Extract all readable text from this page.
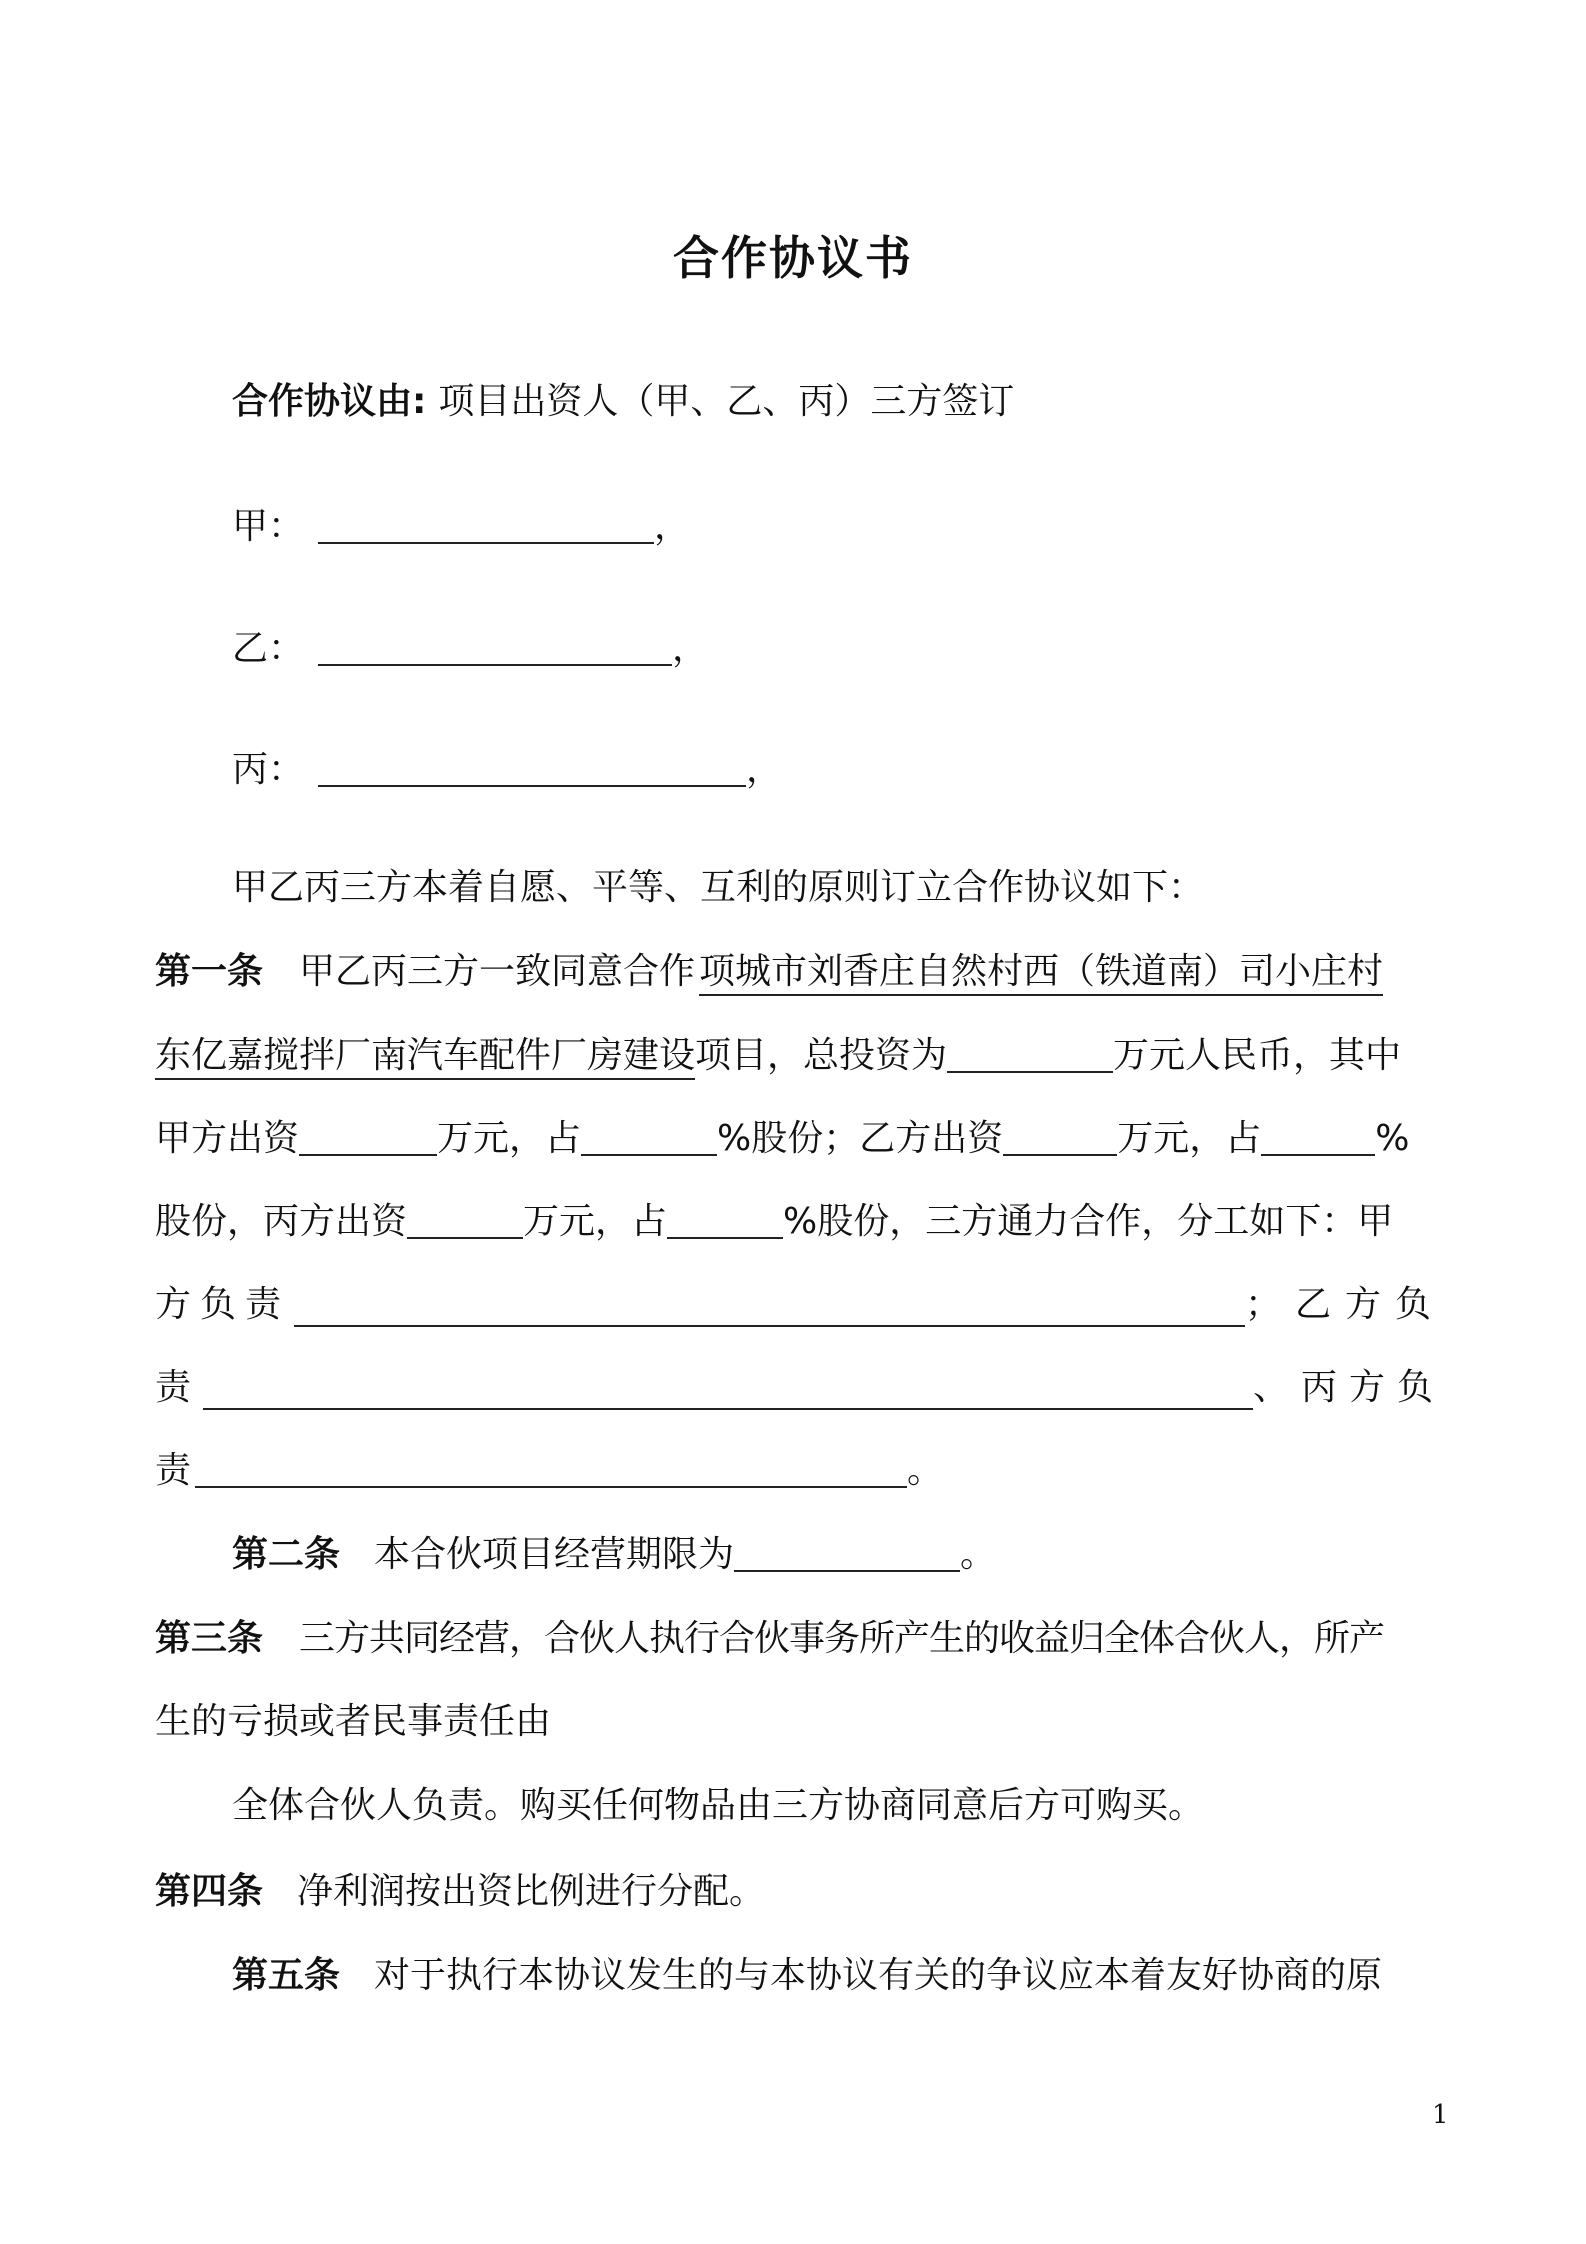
合作协议书
合作协议由: 项目出资人（甲、乙、丙）三方签订
甲：	，
乙：	，
丙：	，
甲乙丙三方本着自愿、平等、互利的原则订立合作协议如下：
第一条 甲乙丙三方一致同意合作 项城市刘香庄自然村西（铁道南）司小庄村
东亿嘉搅拌厂南汽车配件厂房建设项目，总投资为	万元人民币，其中
甲方出资	万元，占	%股份；乙方出资	万元，占	%
股份，丙方出资	万元，占	%股份，三方通力合作，分工如下：甲
方负责	；乙方负
责	、丙方负
责	。
第二条 本合伙项目经营期限为	。
第三条 三方共同经营，合伙人执行合伙事务所产生的收益归全体合伙人，所产
生的亏损或者民事责任由
全体合伙人负责。购买任何物品由三方协商同意后方可购买。
第四条 净利润按出资比例进行分配。
第五条 对于执行本协议发生的与本协议有关的争议应本着友好协商的原
1
